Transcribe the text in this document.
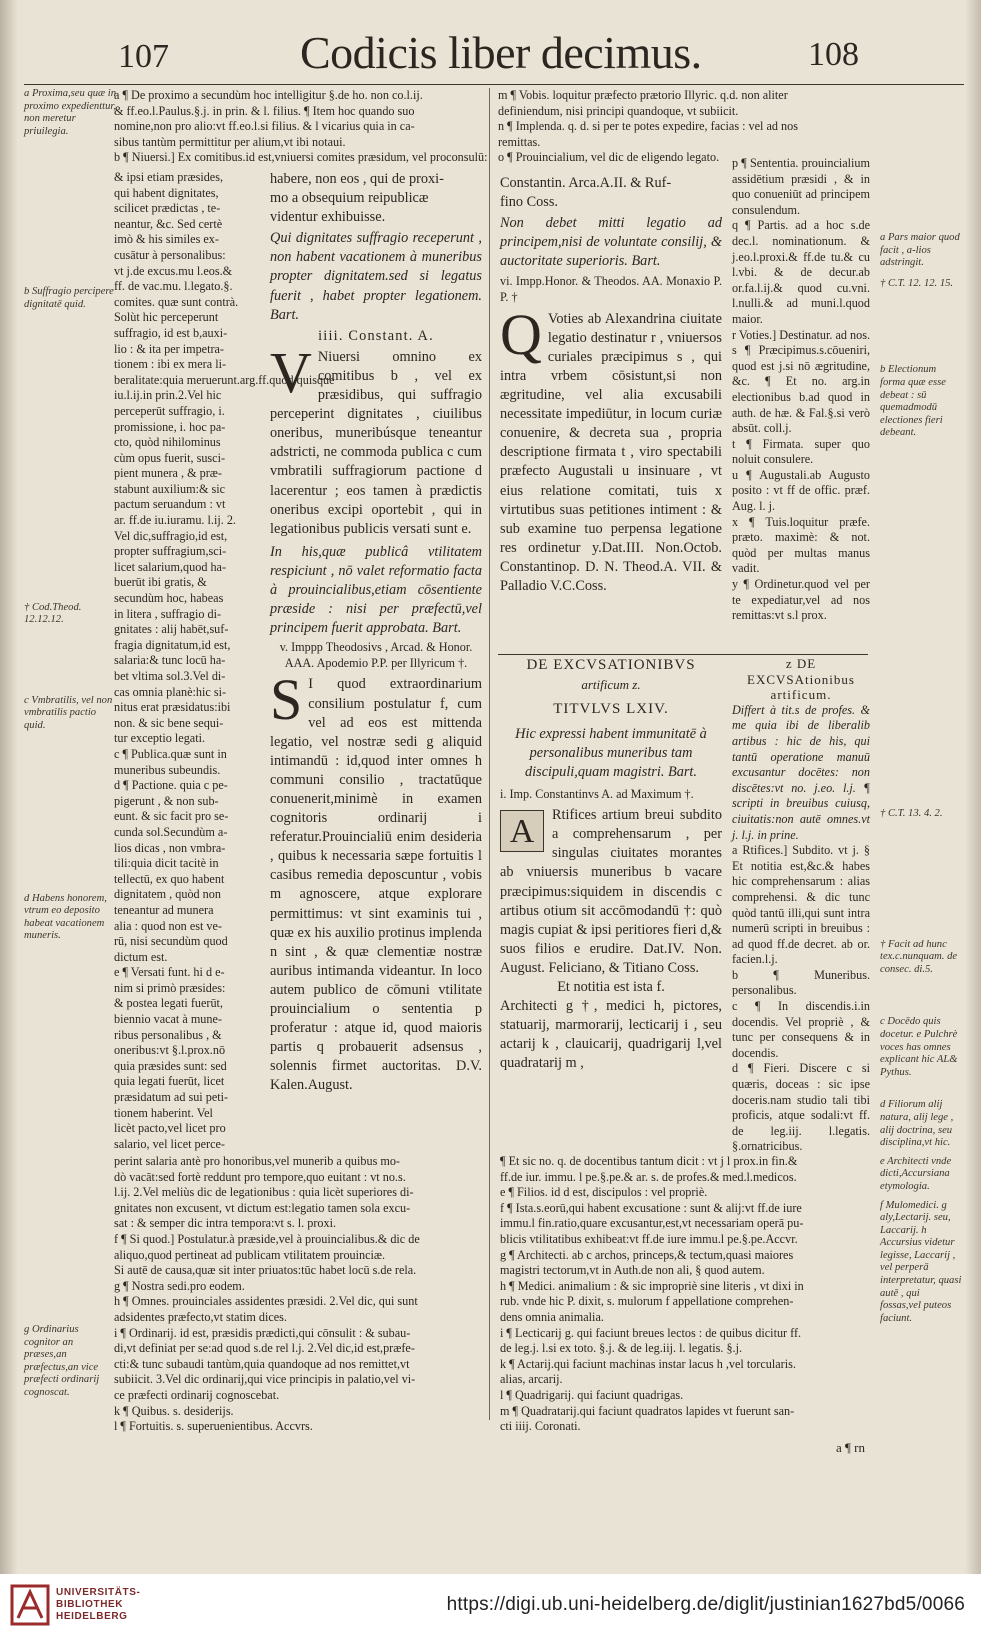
107	Codicis liber decimus.	108

a Proxima,seu quæ in proximo expedienttur, non meretur priuilegia.

b Suffragio percipere dignitatē quid.

† Cod.Theod. 12.12.12.

c Vmbratilis, vel non vmbratilis pactio quid.

d Habens honorem, vtrum eo deposito habeat vacationem muneris.

g Ordinarius cognitor an præses,an præfectus,an vice præfecti ordinarij cognoscat.
a ¶ De proximo a secundùm hoc intelligitur §.de ho. non co.l.ij.
& ff.eo.l.Paulus.§.j. in prin. & l. filius. ¶ Item hoc quando suo
nomine,non pro alio:vt ff.eo.l.si filius. & l vicarius quia in ca-
sibus tantùm permittitur per alium,vt ibi notaui.
b ¶ Niuersi.] Ex comitibus.id est,vniuersi comites præsidum, vel proconsulū:
& ipsi etiam præsides,
qui habent dignitates,
scilicet prædictas , te-
neantur, &c. Sed certè
imò & his similes ex-
cusātur à personalibus:
vt j.de excus.mu l.eos.&
ff. de vac.mu. l.legato.§.
comites. quæ sunt contrà.
Solùt hic perceperunt
suffragio, id est b,auxi-
lio : & ita per impetra-
tionem : ibi ex mera li-
beralitate:quia meruerunt.arg.ff.quod quisque
iu.l.ij.in prin.2.Vel hic
perceperūt suffragio, i.
promissione, i. hoc pa-
cto, quòd nihilominus
cùm opus fuerit, susci-
pient munera , & præ-
stabunt auxilium:& sic
pactum seruandum : vt
ar. ff.de iu.iuramu. l.ij. 2.
Vel dic,suffragio,id est,
propter suffragium,sci-
licet salarium,quod ha-
buerūt ibi gratis, &
secundùm hoc, habeas
in litera , suffragio di-
gnitates : alij habēt,suf-
fragia dignitatum,id est,
salaria:& tunc locū ha-
bet vltima sol.3.Vel di-
cas omnia planè:hic si-
nitus erat præsidatus:ibi
non. & sic bene sequi-
tur exceptio legati.
c ¶ Publica.quæ sunt in
muneribus subeundis.
d ¶ Pactione. quia c pe-
pigerunt , & non sub-
eunt. & sic facit pro se-
cunda sol.Secundùm a-
lios dicas , non vmbra-
tili:quia dicit tacitè in
tellectū, ex quo habent
dignitatem , quòd non
teneantur ad munera
alia : quod non est ve-
rū, nisi secundùm quod
dictum est.
e ¶ Versati funt. hi d e-
nim si primò præsides:
& postea legati fuerūt,
biennio vacat à mune-
ribus personalibus , &
oneribus:vt §.l.prox.nō
quia præsides sunt: sed
quia legati fuerūt, licet
præsidatum ad sui peti-
tionem haberint. Vel
licèt pacto,vel licet pro
salario, vel licet perce-
perint salaria antè pro honoribus,vel munerib a quibus mo-
dò vacāt:sed fortè reddunt pro tempore,quo euitant : vt no.s.
l.ij. 2.Vel meliùs dic de legationibus : quia licèt superiores di-
gnitates non excusent, vt dictum est:legatio tamen sola excu-
sat : & semper dic intra tempora:vt s. l. proxi.
f ¶ Si quod.] Postulatur.à præside,vel à prouincialibus.& dic de
aliquo,quod pertineat ad publicam vtilitatem prouinciæ.
Si autē de causa,quæ sit inter priuatos:tūc habet locū s.de rela.
g ¶ Nostra sedi.pro eodem.
h ¶ Omnes. prouinciales assidentes præsidi. 2.Vel dic, qui sunt
adsidentes præfecto,vt statim dices.
i ¶ Ordinarij. id est, præsidis prædicti,qui cōnsulit : & subau-
di,vt definiat per se:ad quod s.de rel l.j. 2.Vel dic,id est,præfe-
cti:& tunc subaudi tantùm,quia quandoque ad nos remittet,vt
subiicit. 3.Vel dic ordinarij,qui vice principis in palatio,vel vi-
ce præfecti ordinarij cognoscebat.
k ¶ Quibus. s. desiderijs.
l ¶ Fortuitis. s. superuenientibus. Accvrs.
habere, non eos , qui de proxi-
mo a obsequium reipublicæ
videntur exhibuisse.

Qui dignitates suffragio receperunt , non habent vacationem à muneribus propter dignitatem.sed si legatus fuerit , habet propter legationem. Bart.

iiii. Constant. A.

V Niuersi omnino ex comitibus b , vel ex præsidibus, qui suffragio perceperint dignitates , ciuilibus oneribus, muneribúsque teneantur adstricti, ne commoda publica c cum vmbratili suffragiorum pactione d lacerentur ; eos tamen à prædictis oneribus excipi oportebit , qui in legationibus publicis versati sunt e.

In his,quæ publicâ vtilitatem respiciunt , nō valet reformatio facta à prouincialibus,etiam cōsentiente præside : nisi per præfectū,vel principem fuerit approbata. Bart.

v. Imppp Theodosivs , Arcad. & Honor. AAA. Apodemio P.P. per Illyricum †.

S I quod extraordinarium consilium postulatur f, cum vel ad eos est mittenda legatio, vel nostræ sedi g aliquid intimandū : id,quod inter omnes h communi consilio , tractatūque conuenerit,minimè in examen cognitoris ordinarij i referatur.Prouincialiū enim desideria , quibus k necessaria sæpe fortuitis l casibus remedia deposcuntur , vobis m agnoscere, atque explorare permittimus: vt sint examinis tui , quæ ex his auxilio protinus implenda n sint , & quæ clementiæ nostræ auribus intimanda videantur. In loco autem publico de cōmuni vtilitate prouincialium o sententia p proferatur : atque id, quod maioris partis q probauerit adsensus , solennis firmet auctoritas. D.V. Kalen.August.

m ¶ Vobis. loquitur præfecto prætorio Illyric. q.d. non aliter
definiendum, nisi principi quandoque, vt subiicit.
n ¶ Implenda. q. d. si per te potes expedire, facias : vel ad nos
remittas.
o ¶ Prouincialium, vel dic de eligendo legato.
Constantin. Arca.A.II. & Ruf-
fino Coss.

Non debet mitti legatio ad principem,nisi de voluntate consilij, & auctoritate superioris. Bart.

vi. Impp.Honor. & Theodos. AA. Monaxio P. P. †

Q Voties ab Alexandrina ciuitate legatio destinatur r , vniuersos curiales præcipimus s , qui intra vrbem cōsistunt,si non ægritudine, vel alia excusabili necessitate impediūtur, in locum curiæ conuenire, & decreta sua , propria descriptione firmata t , viro spectabili præfecto Augustali u insinuare , vt eius relatione comitati, tuis x virtutibus suas petitiones intiment : & sub examine tuo perpensa legatione res ordinetur y.Dat.III. Non.Octob. Constantinop. D. N. Theod.A. VII. & Palladio V.C.Coss.

p ¶ Sententia. prouincialium assidētium præsidi , & in quo conueniūt ad principem consulendum.

q ¶ Partis. ad a hoc s.de dec.l. nominationum. & j.eo.l.proxi.& ff.de tu.& cu l.vbi. & de decur.ab or.fa.l.ij.& quod cu.vni. l.nulli.& ad muni.l.quod maior.

r Voties.] Destinatur. ad nos.

s ¶ Præcipimus.s.cōueniri, quod est j.si nō ægritudine, &c. ¶ Et no. arg.in electionibus b.ad quod in auth. de hæ. & Fal.§.si verò absūt. coll.j.

t ¶ Firmata. super quo noluit consulere.

u ¶ Augustali.ab Augusto posito : vt ff de offic. præf. Aug. l. j.

x ¶ Tuis.loquitur præfe. præto. maximè: & not. quòd per multas manus vadit.

y ¶ Ordinetur.quod vel per te expediatur,vel ad nos remittas:vt s.l prox.

a Pars maior quod facit , a-lios adstringit.

† C.T. 12. 12. 15.

b Electionum forma quæ esse debeat : sū quemadmodū electiones fieri debeant.

DE EXCVSATIONIBVS

artificum z.

TITVLVS LXIV.

Hic expressi habent immunitatē à personalibus muneribus tam discipuli,quam magistri. Bart.

i. Imp. Constantinvs A. ad Maximum †.

A	Rtifices artium breui subdito a comprehensarum , per singulas ciuitates morantes ab vniuersis muneribus b vacare præcipimus:siquidem in discendis c artibus otium sit accōmodandū †: quò magis cupiat & ipsi peritiores fieri d,& suos filios e erudire. Dat.IV. Non. August. Feliciano, & Titiano Coss.

Et notitia est ista f.

Architecti g †, medici h, pictores, statuarij, marmorarij, lecticarij i , seu actarij k , clauicarij, quadrigarij l,vel quadratarij m ,

z DE EXCVSAtionibus artificum.

Differt à tit.s de profes. & me quia ibi de liberalib artibus : hic de his, qui tantū operatione manuū excusantur docētes: non discētes:vt no. j.eo. l.j. ¶ scripti in breuibus cuiusq, ciuitatis:non autē omnes.vt j. l.j. in prine.

a Rtifices.] Subdito. vt j. § Et notitia est,&c.& habes hic comprehensarum : alias comprehensi. & dic tunc quòd tantū illi,qui sunt intra numerū scripti in breuibus : ad quod ff.de decret. ab or. facien.l.j.

b ¶ Muneribus. personalibus.

c ¶ In discendis.i.in docendis. Vel propriè , & tunc per consequens & in docendis.

d ¶ Fieri. Discere c si quæris, doceas : sic ipse doceris.nam studio tali tibi proficis, atque sodali:vt ff. de leg.iij. l.legatis. §.ornatricibus.

† C.T. 13. 4. 2.

† Facit ad hunc tex.c.nunquam. de consec. di.5.

c Docēdo quis docetur. e Pulchrè voces has omnes explicant hic AL& Pythus.

d Filiorum alij natura, alij lege , alij doctrina, seu disciplina,vt hic.

e Architecti vnde dicti,Accursiana etymologia.

f Mulomedici. g aly,Lectarij. seu, Laccarij. h Accursius videtur legisse, Laccarij , vel perperā interpretatur, quasi autē , qui fossas,vel puteos faciunt.

¶ Et sic no. q. de docentibus tantum dicit : vt j l prox.in fin.&
ff.de iur. immu. l pe.§.pe.& ar. s. de profes.& med.l.medicos.
e ¶ Filios. id d est, discipulos : vel propriè.
f ¶ Ista.s.eorū,qui habent excusatione : sunt & alij:vt ff.de iure
immu.l fin.ratio,quare excusantur,est,vt necessariam operā pu-
blicis vtilitatibus exhibeat:vt ff.de iure immu.l pe.§.pe.Accvr.
g ¶ Architecti. ab c archos, princeps,& tectum,quasi maiores
magistri tectorum,vt in Auth.de non ali, § quod autem.
h ¶ Medici. animalium : & sic impropriè sine literis , vt dixi in
rub. vnde hic P. dixit, s. mulorum f appellatione comprehen-
dens omnia animalia.
i ¶ Lecticarij g. qui faciunt breues lectos : de quibus dicitur ff.
de leg.j. l.si ex toto. §.j. & de leg.iij. l. legatis. §.j.
k ¶ Actarij.qui faciunt machinas instar lacus h ,vel torcularis.
alias, arcarij.
l ¶ Quadrigarij. qui faciunt quadrigas.
m ¶ Quadratarij.qui faciunt quadratos lapides vt fuerunt san-
cti iiij. Coronati.
a ¶ rn
UNIVERSITÄTS-
BIBLIOTHEK
HEIDELBERG
https://digi.ub.uni-heidelberg.de/diglit/justinian1627bd5/0066
